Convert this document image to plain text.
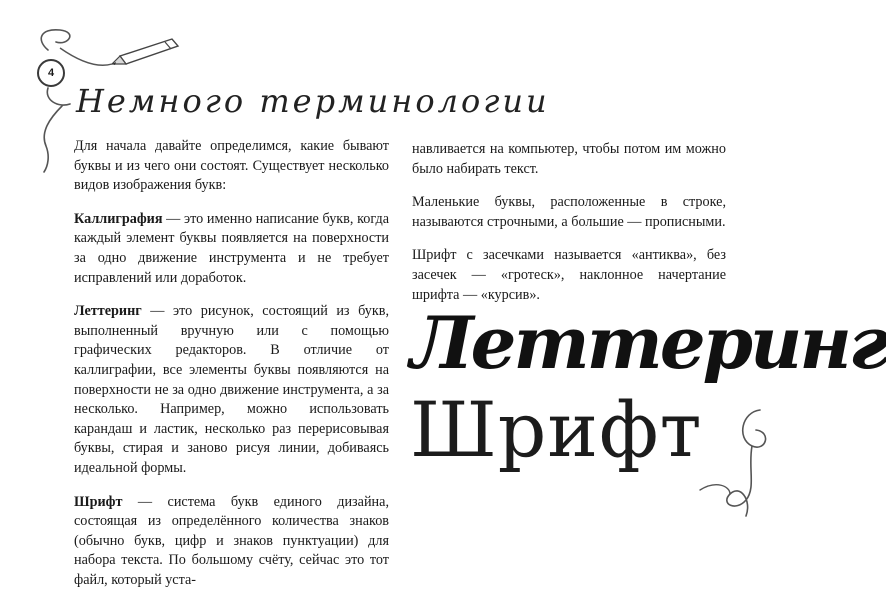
4
Немного терминологии

Для начала давайте определимся, какие бывают буквы и из чего они состоят. Существует несколько видов изображения букв:

Каллиграфия — это именно написание букв, когда каждый элемент буквы появляется на поверхности за одно движение инструмента и не требует исправлений или доработок.

Леттеринг — это рисунок, состоящий из букв, выполненный вручную или с помощью графических редакторов. В отличие от каллиграфии, все элементы буквы появляются на поверхности не за одно движение инструмента, а за несколько. Например, можно использовать карандаш и ластик, несколько раз перерисовывая буквы, стирая и заново рисуя линии, добиваясь идеальной формы.

Шрифт — система букв единого дизайна, состоящая из определённого количества знаков (обычно букв, цифр и знаков пунктуации) для набора текста. По большому счёту, сейчас это тот файл, который уста-

навливается на компьютер, чтобы потом им можно было набирать текст.

Маленькие буквы, расположенные в строке, называются строчными, а большие — прописными.

Шрифт с засечками называется «антиква», без засечек — «гротеск», наклонное начертание шрифта — «курсив».

Леттеринг
Шрифт
